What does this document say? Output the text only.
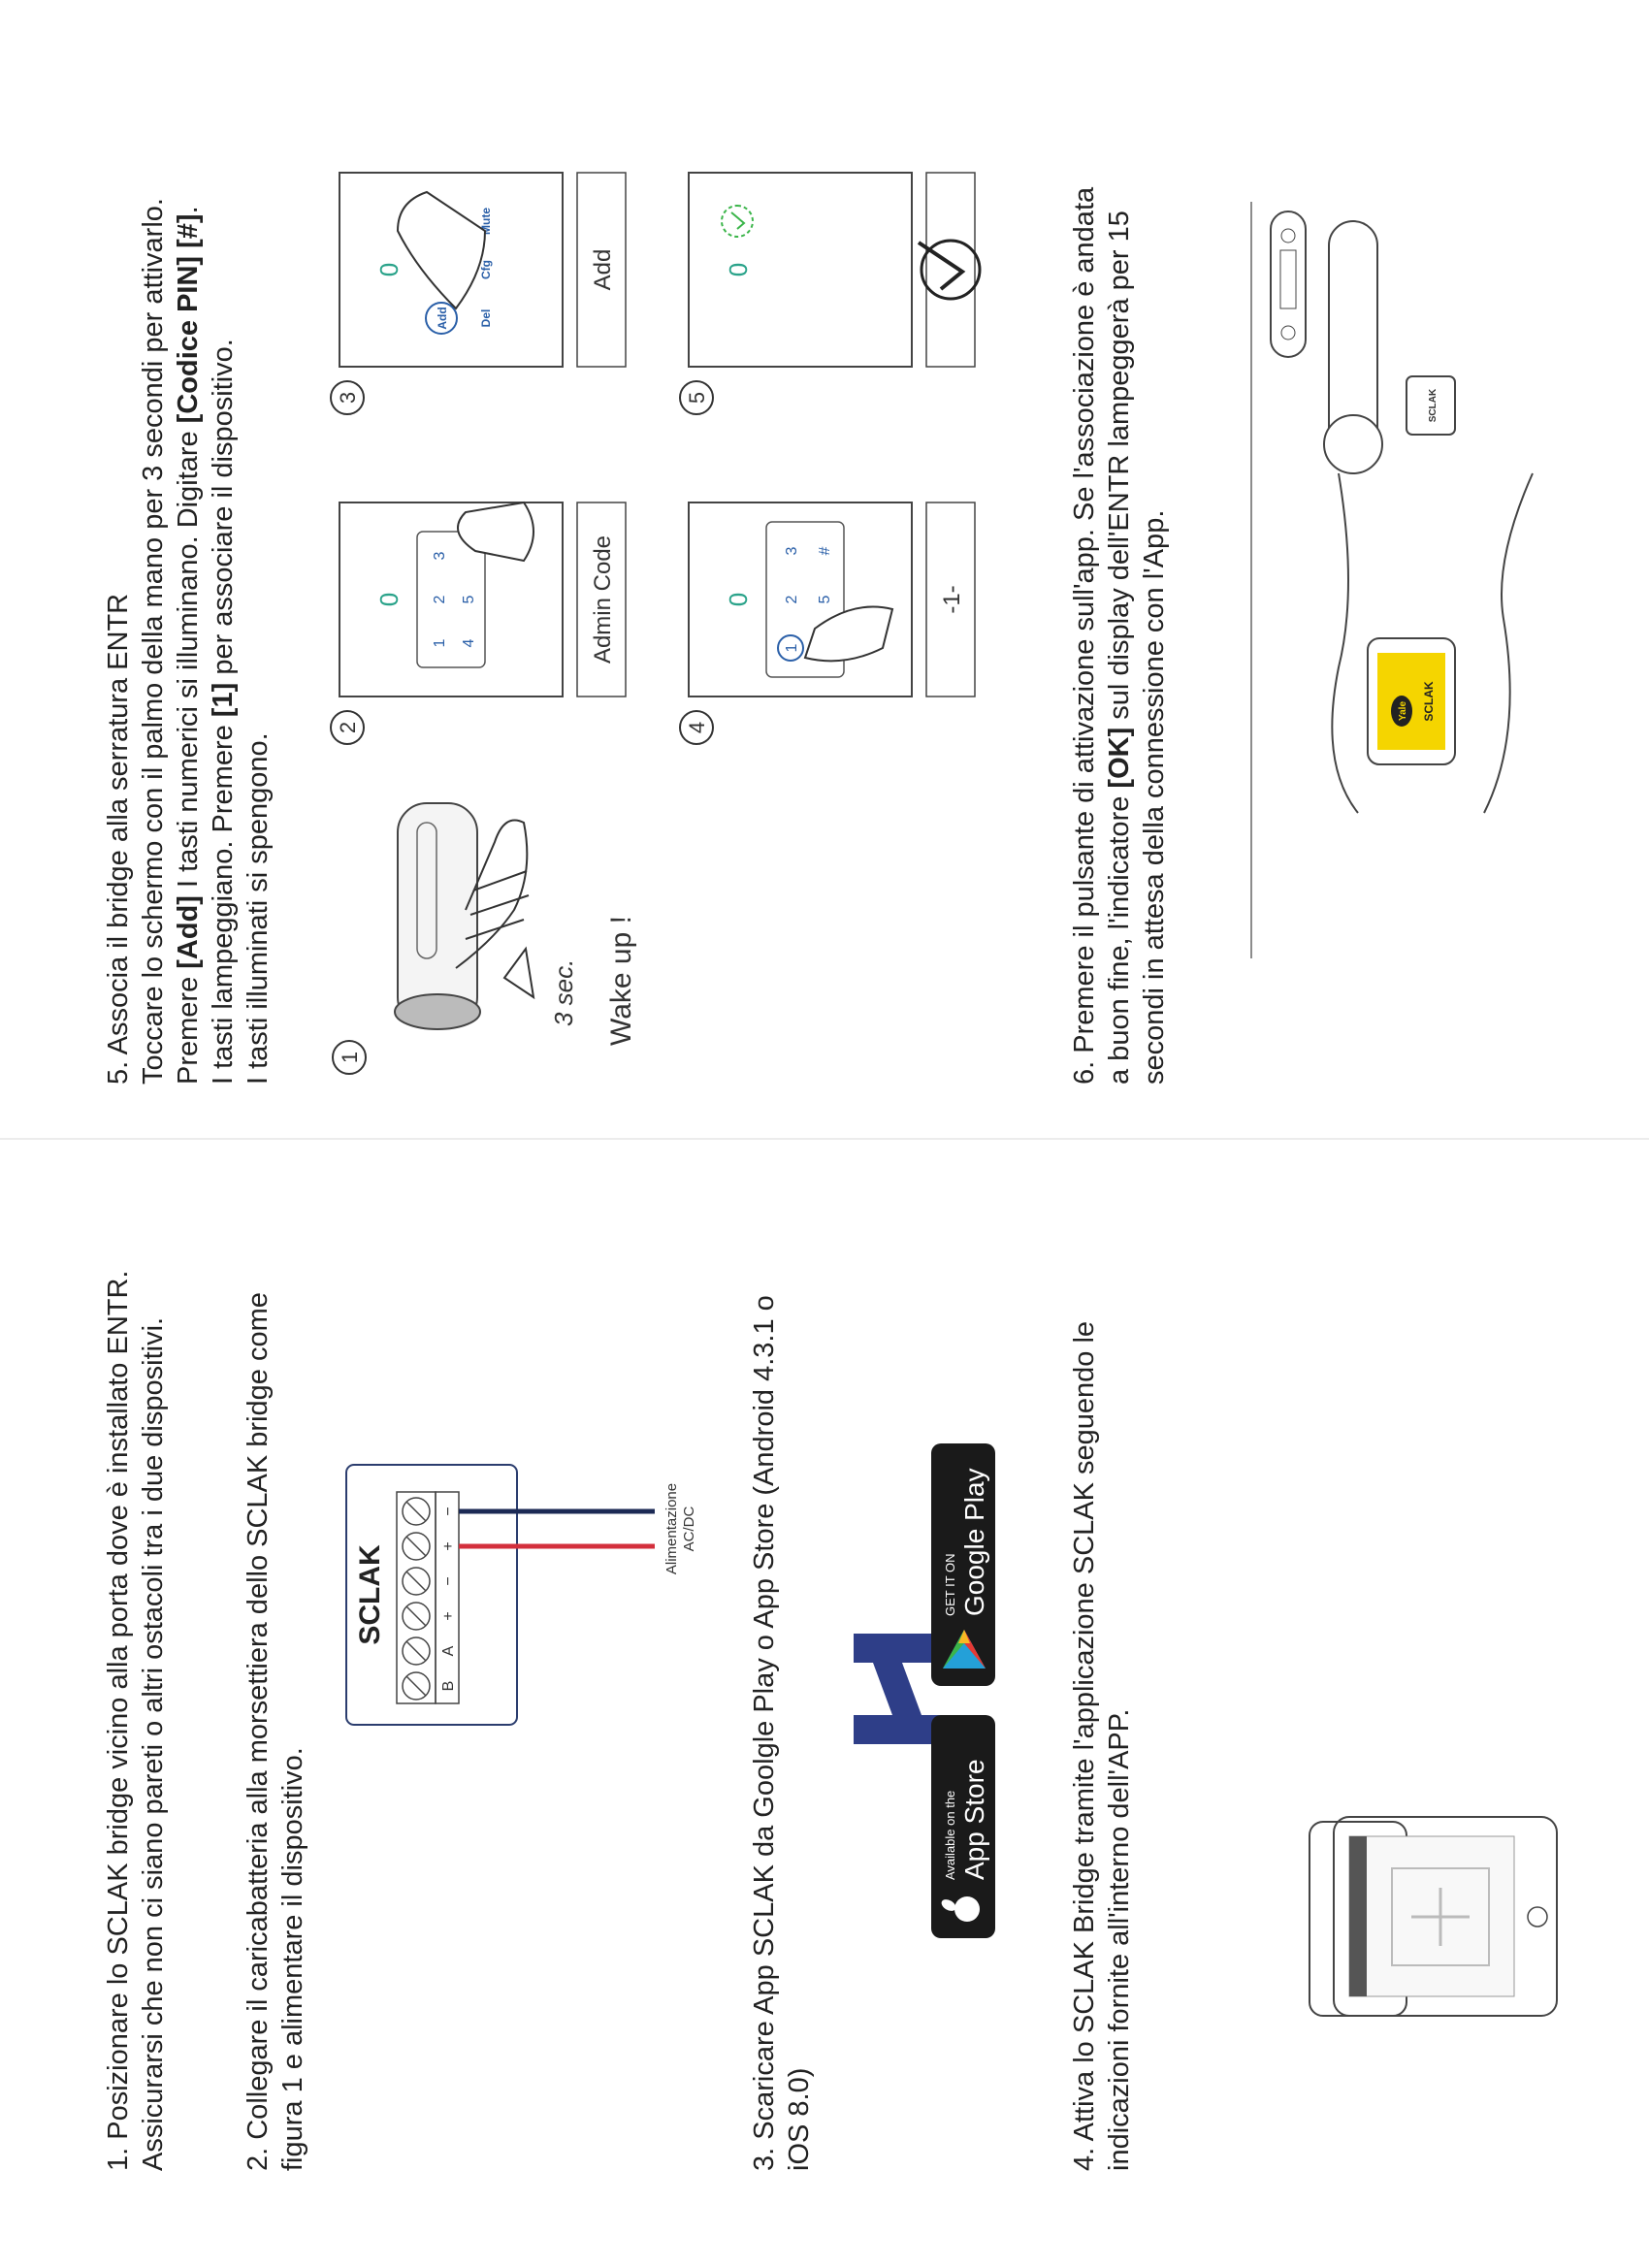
1. Posizionare lo SCLAK bridge vicino alla porta dove è installato ENTR. Assicurarsi che non ci siano pareti o altri ostacoli tra i due dispositivi.	2. Collegare il caricabatteria alla morsettiera dello SCLAK bridge come figura 1 e alimentare il dispositivo.
SCLAK
B
A
+
−
+
−	Alimentazione AC/DC 3. Scaricare App SCLAK da Goolgle Play o App Store (Android 4.3.1 o iOS 8.0)
Available on the App Store
GET IT ON Google Play	4. Attiva lo SCLAK Bridge tramite l'applicazione SCLAK seguendo le indicazioni fornite all'interno dell'APP.
5. Associa il bridge alla serratura ENTR Toccare lo schermo con il palmo della mano per 3 secondi per attivarlo. Premere [Add] I tasti numerici si illuminano. Digitare [Codice PIN] [#].
I tasti lampeggiano. Premere [1] per associare il dispositivo.
I tasti illuminati si spengono.	1
3 sec. Wake up !
2
0
1
2
3
4
5	Admin Code
3
0
Add	Del
Cfg
Mute
Add
4
0
1
2
3
5
#
-1-
5
0	6. Premere il pulsante di attivazione sull'app. Se l'associazione è andata a buon fine, l'indicatore [OK] sul display dell'ENTR lampeggerà per 15
secondi in attesa della connessione con l'App.
SCLAK
Yale SCLAK
